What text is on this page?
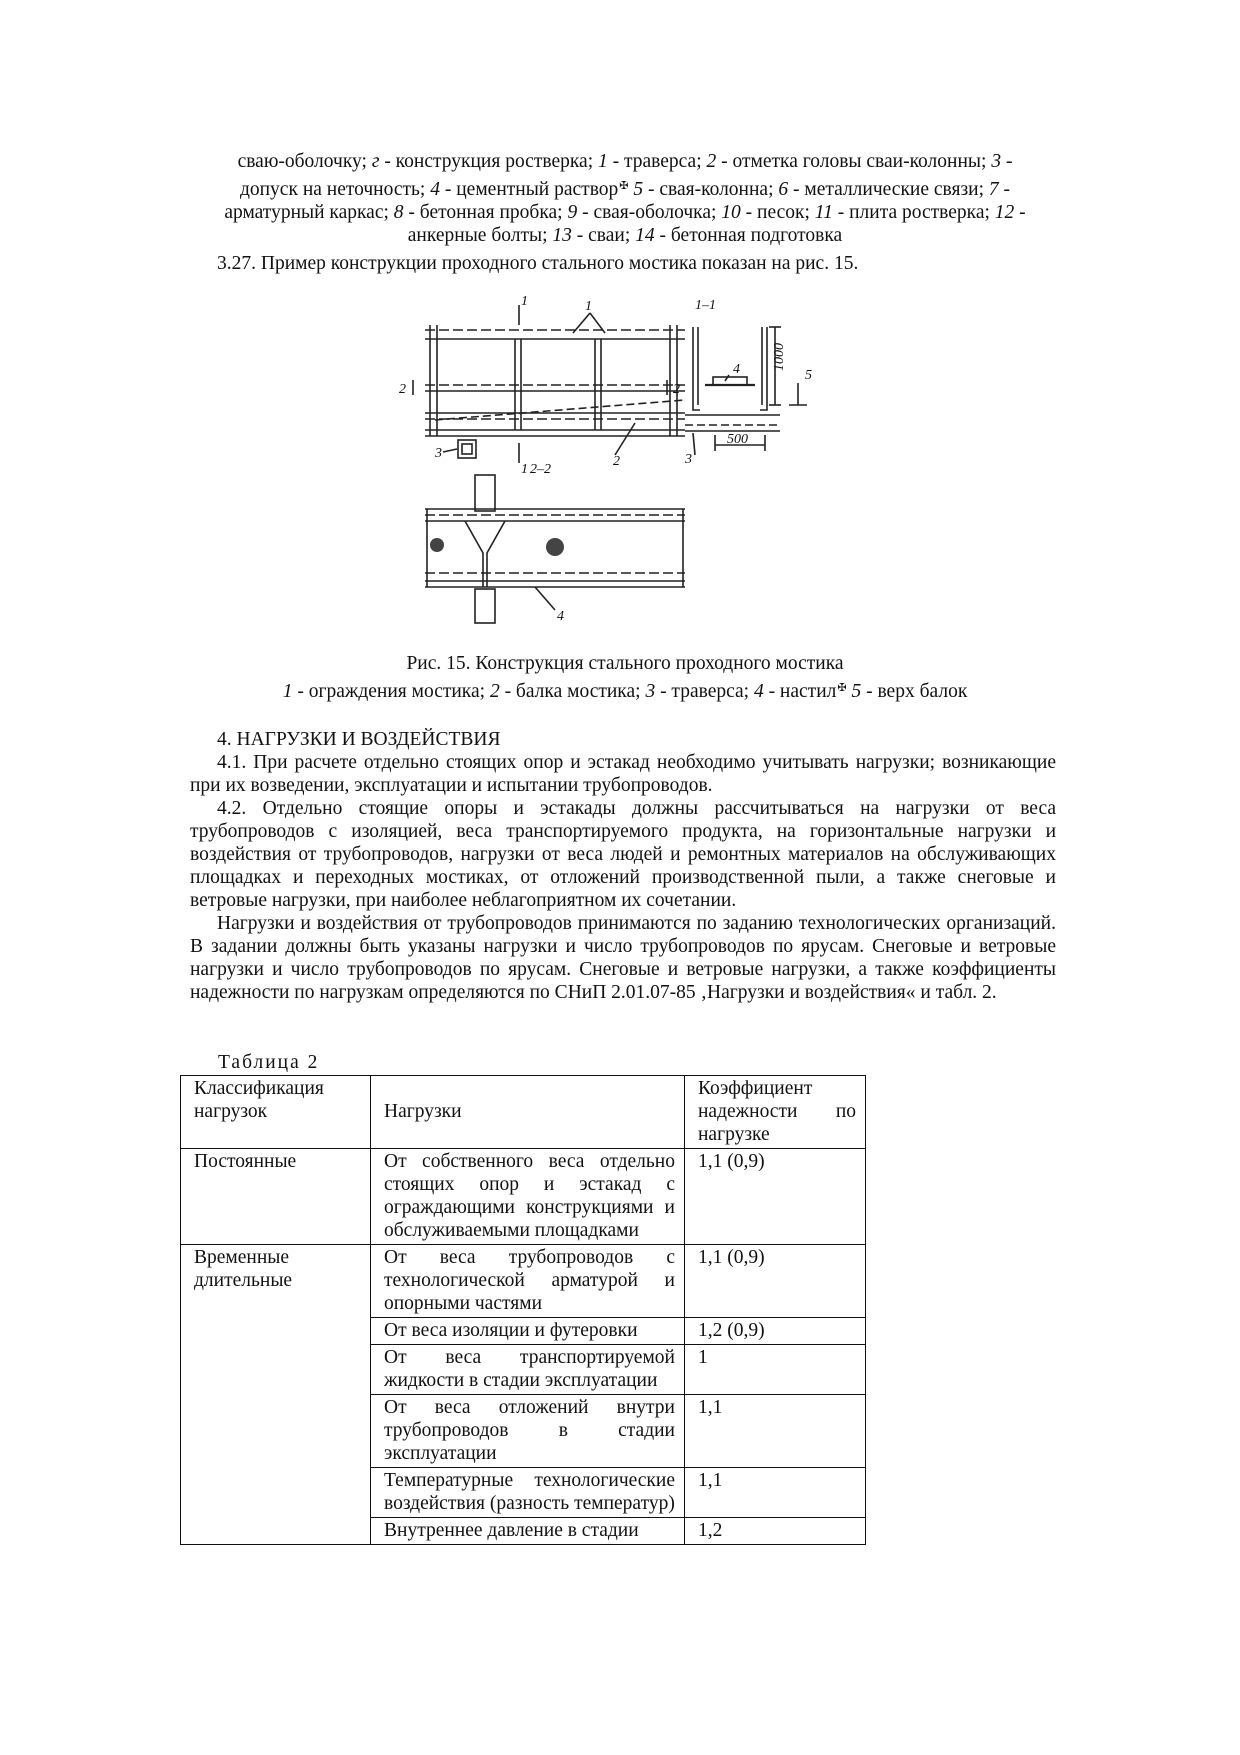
сваю-оболочку; г - конструкция ростверка; 1 - траверса; 2 - отметка головы сваи-колонны; 3 -
допуск на неточность; 4 - цементный раствор✠ 5 - свая-колонна; 6 - металлические связи; 7 -
арматурный каркас; 8 - бетонная пробка; 9 - свая-оболочка; 10 - песок; 11 - плита ростверка; 12 -
анкерные болты; 13 - сваи; 14 - бетонная подготовка
3.27. Пример конструкции проходного стального мостика показан на рис. 15.
1	1
2	2
3
1
2
1–1
1000
5
4
3
500
2–2
4
Рис. 15. Конструкция стального проходного мостика
1 - ограждения мостика; 2 - балка мостика; 3 - траверса; 4 - настил✠ 5 - верх балок
4. НАГРУЗКИ И ВОЗДЕЙСТВИЯ
4.1. При расчете отдельно стоящих опор и эстакад необходимо учитывать нагрузки; возникающие при их возведении, эксплуатации и испытании трубопроводов.
4.2. Отдельно стоящие опоры и эстакады должны рассчитываться на нагрузки от веса трубопроводов с изоляцией, веса транспортируемого продукта, на горизонтальные нагрузки и воздействия от трубопроводов, нагрузки от веса людей и ремонтных материалов на обслуживающих площадках и переходных мостиках, от отложений производственной пыли, а также снеговые и ветровые нагрузки, при наиболее неблагоприятном их сочетании.
Нагрузки и воздействия от трубопроводов принимаются по заданию технологических организаций. В задании должны быть указаны нагрузки и число трубопроводов по ярусам. Снеговые и ветровые нагрузки и число трубопроводов по ярусам. Снеговые и ветровые нагрузки, а также коэффициенты надежности по нагрузкам определяются по СНиП 2.01.07-85 ‚Нагрузки и воздействия« и табл. 2.
Таблица 2
Классификация нагрузок	Нагрузки	Коэффициент надежности по нагрузке
Постоянные	От собственного веса отдельно стоящих опор и эстакад с ограждающими конструкциями и обслуживаемыми площадками	1,1 (0,9)
Временные длительные	От веса трубопроводов с технологической арматурой и опорными частями	1,1 (0,9)
	От веса изоляции и футеровки	1,2 (0,9)
	От веса транспортируемой жидкости в стадии эксплуатации	1
	От веса отложений внутри трубопроводов в стадии эксплуатации	1,1
	Температурные технологические воздействия (разность температур)	1,1
	Внутреннее давление в стадии	1,2
